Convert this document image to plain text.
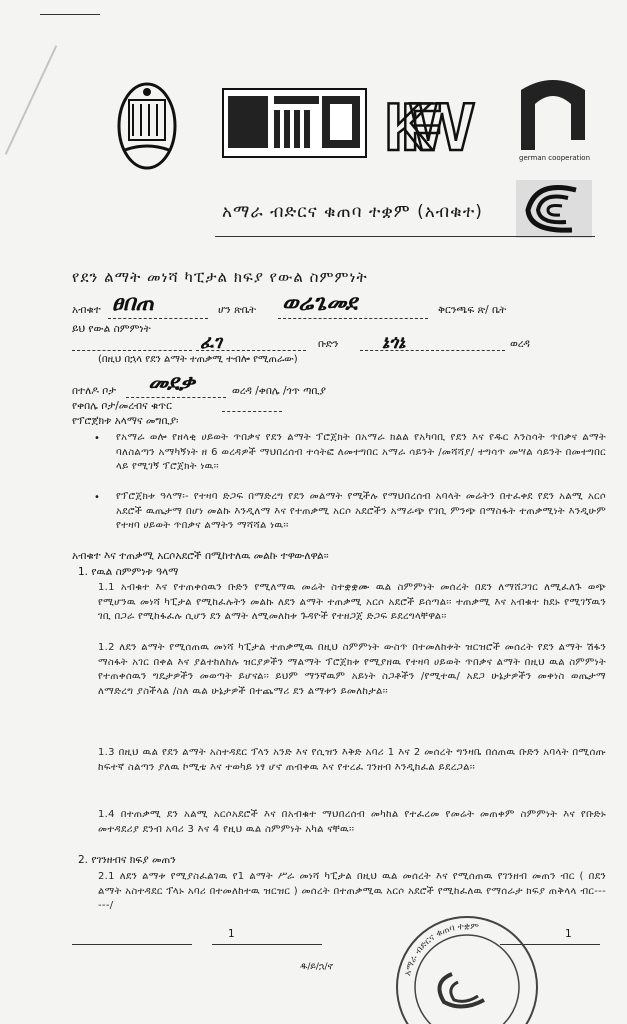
KFW	german cooperation
አማራ ብድርና ቁጠባ ተቋም (አብቁተ)
የደን ልማት መነሻ ካፒታል ክፍያ የውል ስምምነት
አብቁተ ፀበጠ	ሆን ጽቤት ወሬጌመደ	ቅርንጫፍ ጽ/ ቤት
ይህ የውል ስምምነት
ፈገ	ቡድን ኔጎኔ	ወረዳ
(በዚህ በኋላ የደን ልማት ተጠቃሚ ተብሎ የሚጠራው)
በተለዶ ቦታ መደቃ	ወረዳ /ቀበሌ /ጎጥ ጣቢያ
የቀበሌ ቦታ/መረብና ቁጥር
የፕሮጀክቱ አላማና መግቢያ፡
• የአማራ ወሎ የዘላቂ ሀይወት ጥበቃና የደን ልማት ፕሮጀክት በአማራ ክልል የአካባቢ የደን እና የዱር እንስሳት ጥበቃና ልማት ባለስልጣን አማካኝነት ዘ 6 ወረዳዎች ማህበረሰብ ተሳትፎ ለመተግበር አማራ ሳይንት /መሻሻያ/ ተግሳጥ መሣል ሳይንት በመተግበር ላይ የሚገኝ ፕሮጀክት ነዉ፡፡
• የፕሮጀክቱ ዓላማ፡- የተዛባ ድጋፍ በማድረግ የደን መልማት የሚችሉ የማህበረሰብ አባላት መሬትን በተፈቀደ የደን አልሚ አርሶ አደሮች ዉጤታማ በሆነ መልኩ እንዲለማ እና የተጠቃሚ አርሶ አደሮችን አማራጭ የገቢ ምንጭ በማስፋት ተጠቃሚነት እንዲሁም የተዛባ ሀይወት ጥበቃና ልማትን ማሻሻል ነዉ፡፡
አብቁተ እና ተጠቃሚ አርሶአደሮች በሚከተለዉ መልኩ ተዋውለዋል፡፡
1. የዉል ስምምነቱ ዓላማ
1.1 አብቁተ እና የተጠቀሰዉን ቡድን የሚለማዉ መሬት ስተቋቋሙ ዉል ስምምነት መሰረት በደን ለማሸጋገር ለሚፈለጉ ወጭ የሚሆንዉ መነሻ ካፒታል የሚከፈሉትን መልኩ ለደን ልማት ተጠቃሚ አርሶ አደሮች ይሰጣል፡፡ ተጠቃሚ እና አብቁተ ከደኑ የሚገኘዉን ገቢ በጋራ የሚከፋፈሉ ሲሆን ደን ልማት ለሚመለከቱ ጉዳዮች የተዘጋጀ ድጋፍ ይደረግላቸዋል፡፡
1.2 ለደን ልማት የሚሰጠዉ መነሻ ካፒታል ተጠቃሚዉ በዚህ ስምምነት ውስጥ በተመለከቱት ዝርዝሮች መሰረት የደን ልማት ሽፋን ማስፋት አገር በቀል እና ያልተከለከሉ ዝርያዎችን ማልማት ፕሮጀክቱ የሚያዘዉ የተዛባ ሀይወት ጥበቃና ልማት በዚህ ዉል ስምምነት የተጠቀሰዉን ግዴታዎችን መወጣት ይሆናል፡፡ ይህም ማንኛዉም አይነት ስጋቶችን /የሚተዉ/ አደጋ ሁኔታዎችን መቀነስ ወጤታማ ለማድረግ ያስችላል /ስለ ዉል ሁኔታዎች በተጨማሪ ደን ልማቱን ይመለከታል፡፡
1.3 በዚህ ዉል የደን ልማት አስተዳደር ፕላን አንድ እና የሲዝን እቅድ አባሪ 1 እና 2 መሰረት ግንዛቤ በሰጠዉ ቡድን አባላት በሚሰጡ ከፍተኛ ስልጣን ያለዉ ኮሚቴ እና ተወካይ ነፃ ሆኖ ጠብቀዉ እና የተረፈ ገንዘብ እንዲከፈል ይደረጋል፡፡
1.4 በተጠቃሚ ደን አልሚ አርሶአደሮች እና በአብቁተ ማህበረሰብ መካከል የተፈረመ የመሬት መጠቀም ስምምነት እና የቡድኑ መተዳደሪያ ደንብ አባሪ 3 እና 4 የዚህ ዉል ስምምነት አካል ናቸዉ፡፡
2. የገንዘብና ክፍያ መጠን
2.1 ለደን ልማቱ የሚያስፈልገዉ የ1 ልማት ሥራ መነሻ ካፒታል በዚህ ዉል መሰረት እና የሚሰጠዉ የገንዘብ መጠን ብር ( በደን ልማት አስተዳደር ፕላኑ አባሪ በተመለከተዉ ዝርዝር ) መሰረት በተጠቃሚዉ አርሶ አደሮች የሚከፈለዉ የማሰራታ ክፍያ ጠቅላላ ብር------/
1	1
ዱ/ይ/ኋ/ኖ
አማራ ብድርና ቁጠባ ተቋም
